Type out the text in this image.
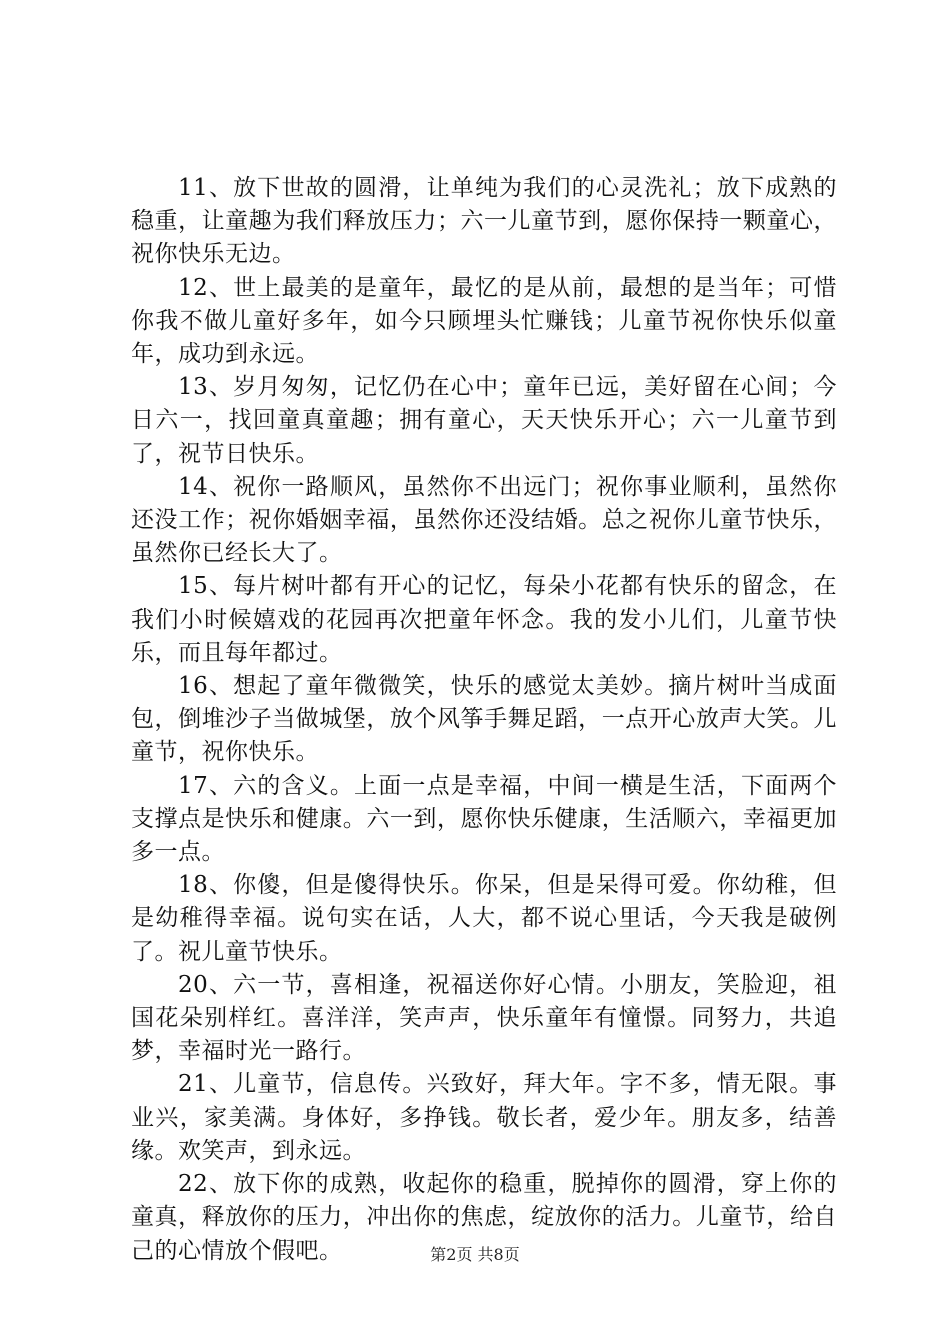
11、放下世故的圆滑，让单纯为我们的心灵洗礼；放下成熟的稳重，让童趣为我们释放压力；六一儿童节到，愿你保持一颗童心，祝你快乐无边。

12、世上最美的是童年，最忆的是从前，最想的是当年；可惜你我不做儿童好多年，如今只顾埋头忙赚钱；儿童节祝你快乐似童年，成功到永远。

13、岁月匆匆，记忆仍在心中；童年已远，美好留在心间；今日六一，找回童真童趣；拥有童心，天天快乐开心；六一儿童节到了，祝节日快乐。

14、祝你一路顺风，虽然你不出远门；祝你事业顺利，虽然你还没工作；祝你婚姻幸福，虽然你还没结婚。总之祝你儿童节快乐，虽然你已经长大了。

15、每片树叶都有开心的记忆，每朵小花都有快乐的留念，在我们小时候嬉戏的花园再次把童年怀念。我的发小儿们，儿童节快乐，而且每年都过。

16、想起了童年微微笑，快乐的感觉太美妙。摘片树叶当成面包，倒堆沙子当做城堡，放个风筝手舞足蹈，一点开心放声大笑。儿童节，祝你快乐。

17、六的含义。上面一点是幸福，中间一横是生活，下面两个支撑点是快乐和健康。六一到，愿你快乐健康，生活顺六，幸福更加多一点。

18、你傻，但是傻得快乐。你呆，但是呆得可爱。你幼稚，但是幼稚得幸福。说句实在话，人大，都不说心里话，今天我是破例了。祝儿童节快乐。

20、六一节，喜相逢，祝福送你好心情。小朋友，笑脸迎，祖国花朵别样红。喜洋洋，笑声声，快乐童年有憧憬。同努力，共追梦，幸福时光一路行。

21、儿童节，信息传。兴致好，拜大年。字不多，情无限。事业兴，家美满。身体好，多挣钱。敬长者，爱少年。朋友多，结善缘。欢笑声，到永远。

22、放下你的成熟，收起你的稳重，脱掉你的圆滑，穿上你的童真，释放你的压力，冲出你的焦虑，绽放你的活力。儿童节，给自己的心情放个假吧。	第2页 共8页
